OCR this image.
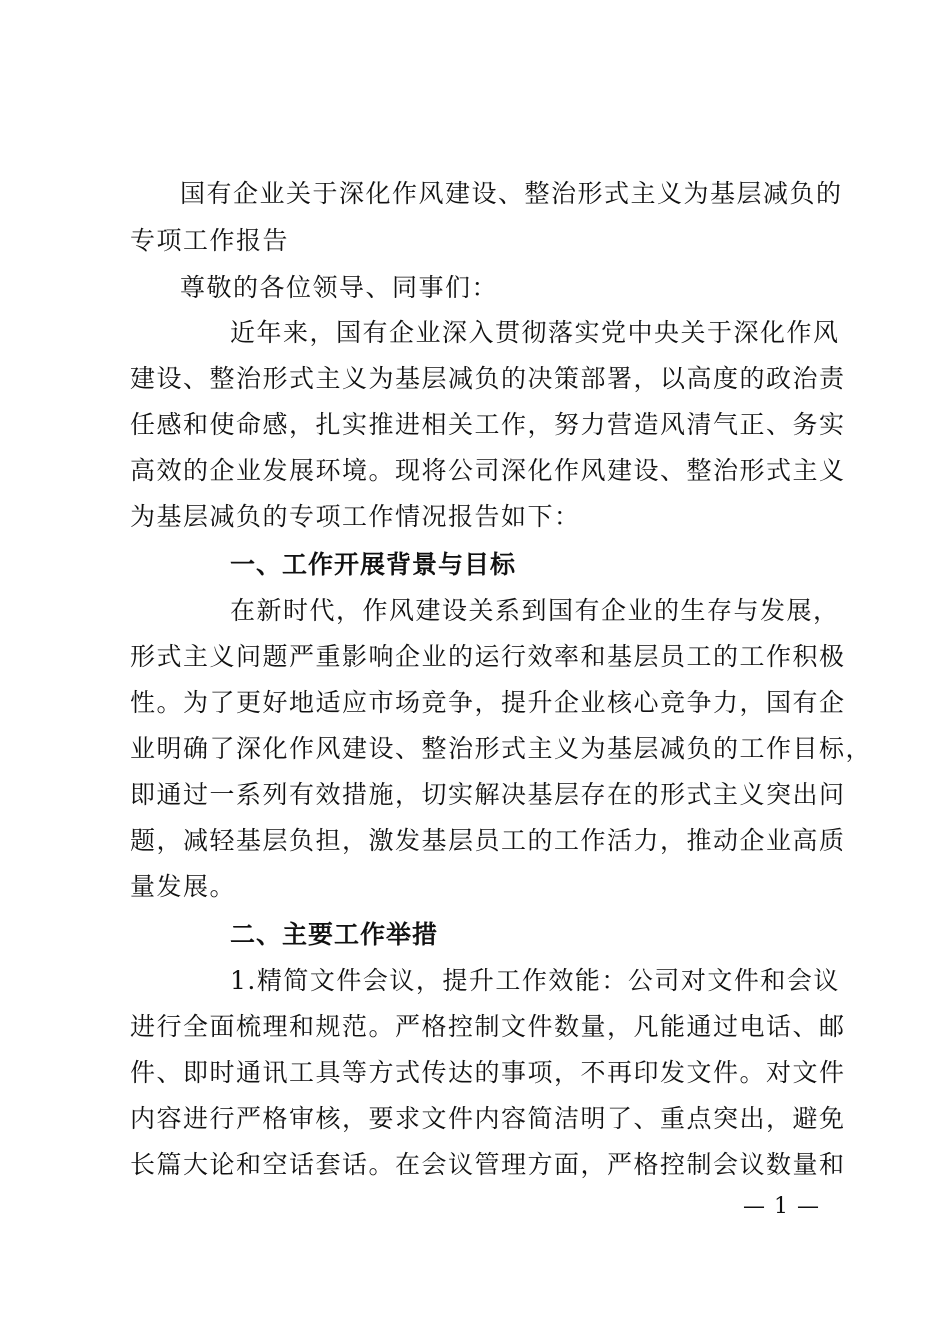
国有企业关于深化作风建设、整治形式主义为基层减负的
专项工作报告
尊敬的各位领导、同事们：
近年来，国有企业深入贯彻落实党中央关于深化作风
建设、整治形式主义为基层减负的决策部署，以高度的政治责
任感和使命感，扎实推进相关工作，努力营造风清气正、务实
高效的企业发展环境。现将公司深化作风建设、整治形式主义
为基层减负的专项工作情况报告如下：
一、工作开展背景与目标
在新时代，作风建设关系到国有企业的生存与发展，
形式主义问题严重影响企业的运行效率和基层员工的工作积极
性。为了更好地适应市场竞争，提升企业核心竞争力，国有企
业明确了深化作风建设、整治形式主义为基层减负的工作目标，
即通过一系列有效措施，切实解决基层存在的形式主义突出问
题，减轻基层负担，激发基层员工的工作活力，推动企业高质
量发展。
二、主要工作举措
1.精简文件会议，提升工作效能：公司对文件和会议
进行全面梳理和规范。严格控制文件数量，凡能通过电话、邮
件、即时通讯工具等方式传达的事项，不再印发文件。对文件
内容进行严格审核，要求文件内容简洁明了、重点突出，避免
长篇大论和空话套话。在会议管理方面，严格控制会议数量和
— 1 —
